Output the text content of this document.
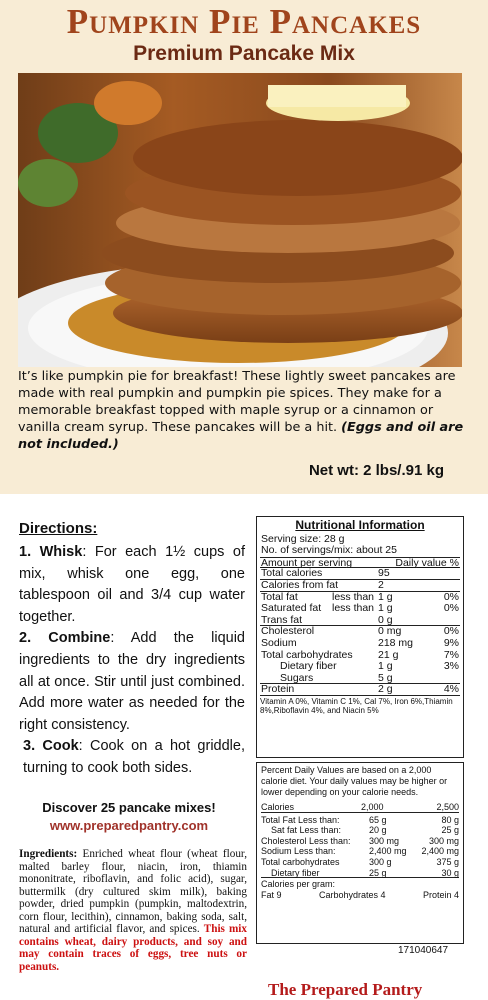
Pumpkin Pie Pancakes
Premium Pancake Mix
It’s like pumpkin pie for breakfast! These lightly sweet pancakes are made with real pumpkin and pumpkin pie spices. They make for a memorable breakfast topped with maple syrup or a cinnamon or vanilla cream syrup. These pancakes will be a hit. (Eggs and oil are not included.)
Net wt: 2 lbs/.91 kg
Directions:

1. Whisk: For each 1½ cups of mix, whisk one egg, one tablespoon oil and 3/4 cup water together.

2. Combine: Add the liquid ingredients to the dry ingredients all at once. Stir until just combined. Add more water as needed for the right consistency.

3. Cook: Cook on a hot griddle, turning to cook both sides.

Discover 25 pancake mixes!
www.preparedpantry.com
Ingredients: Enriched wheat flour (wheat flour, malted barley flour, niacin, iron, thiamin mononitrate, riboflavin, and folic acid), sugar, buttermilk (dry cultured skim milk), baking powder, dried pumpkin (pumpkin, maltodextrin, corn flour, lecithin), cinnamon, baking soda, salt, natural and artificial flavor, and spices. This mix contains wheat, dairy products, and soy and may contain traces of eggs, tree nuts or peanuts.
Nutritional Information
Serving size: 28 g
No. of servings/mix: about 25
Amount per serving	Daily value %
Total calories	95
Calories from fat	2
Total fat	less than 1 g	0%
Saturated fat less than 1 g	0%
Trans fat	0 g
Cholesterol	0 mg	0%
Sodium	218 mg	9%
Total carbohydrates 21 g	7%
Dietary fiber	1 g	3%
Sugars	5 g
Protein	2 g	4%
Vitamin A 0%, Vitamin C 1%, Cal 7%, Iron 6%,Thiamin 8%,Riboflavin 4%, and Niacin 5%
Percent Daily Values are based on a 2,000 calorie diet. Your daily values may be higher or lower depending on your calorie needs.
Calories	2,000	2,500
Total Fat Less than:	65 g	80 g
Sat fat Less than:	20 g	25 g
Cholesterol Less than: 300 mg	300 mg
Sodium Less than:	2,400 mg 2,400 mg
Total carbohydrates	300 g	375 g
Dietary fiber	25 g	30 g
Calories per gram:
Fat 9	Carbohydrates 4	Protein 4
171040647
The Prepared Pantry
